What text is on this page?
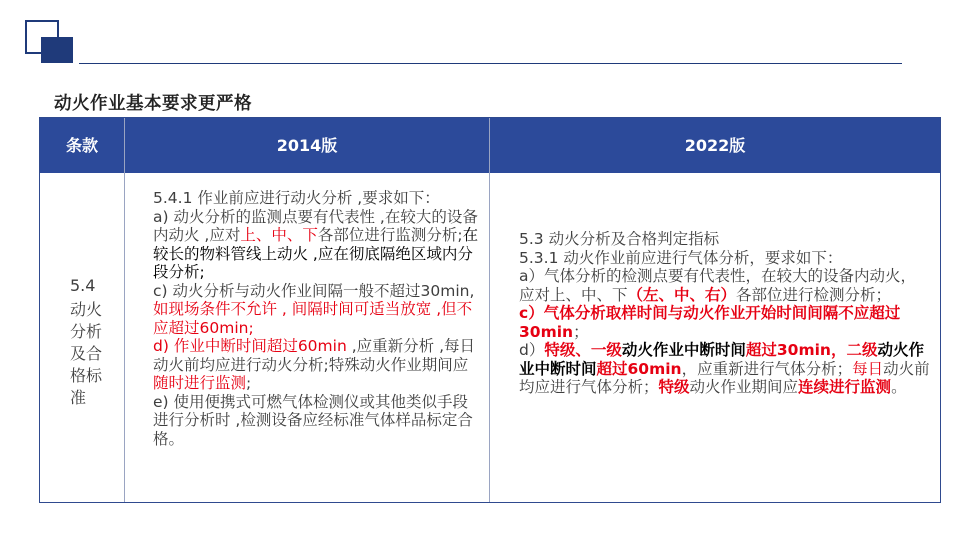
动火作业基本要求更严格
条款	2014版	2022版
5.4
动火分析及合格标准

5.4.1 作业前应进行动火分析 ,要求如下：

a) 动火分析的监测点要有代表性 ,在较大的设备内动火 ,应对上、中、下各部位进行监测分析;在较长的物料管线上动火 ,应在彻底隔绝区域内分段分析;

c) 动火分析与动火作业间隔一般不超过30min,如现场条件不允许 , 间隔时间可适当放宽 ,但不应超过60min;

d) 作业中断时间超过60min ,应重新分析 ,每日动火前均应进行动火分析;特殊动火作业期间应随时进行监测;

e) 使用便携式可燃气体检测仪或其他类似手段进行分析时 ,检测设备应经标准气体样品标定合格。

5.3 动火分析及合格判定指标

5.3.1 动火作业前应进行气体分析，要求如下：

a）气体分析的检测点要有代表性，在较大的设备内动火，应对上、中、下（左、中、右）各部位进行检测分析；

c）气体分析取样时间与动火作业开始时间间隔不应超过30min；

d）特级、一级动火作业中断时间超过30min，二级动火作业中断时间超过60min，应重新进行气体分析；每日动火前均应进行气体分析；特级动火作业期间应连续进行监测。
